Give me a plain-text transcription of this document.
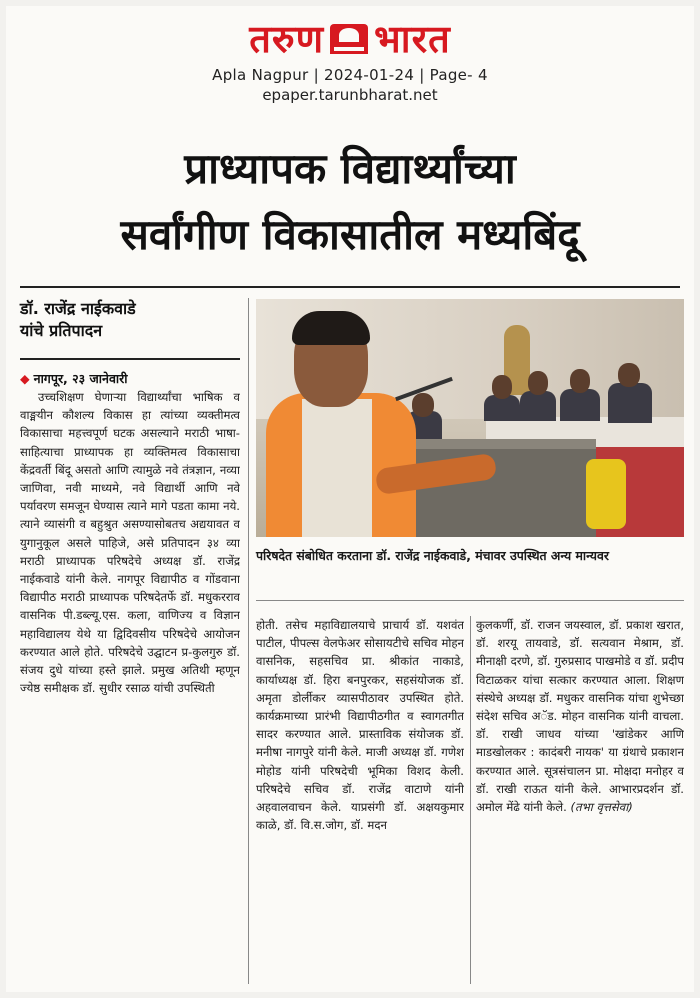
तरुण भारत
Apla Nagpur | 2024-01-24 | Page- 4
epaper.tarunbharat.net
प्राध्यापक विद्यार्थ्यांच्या
सर्वांगीण विकासातील मध्यबिंदू
डॉ. राजेंद्र नाईकवाडे
यांचे प्रतिपादन
◆ नागपूर, २३ जानेवारी

उच्चशिक्षण घेणाऱ्या विद्यार्थ्यांचा भाषिक व वाङ्मयीन कौशल्य विकास हा त्यांच्या व्यक्तीमत्व विकासाचा महत्त्वपूर्ण घटक असल्याने मराठी भाषा-साहित्याचा प्राध्यापक हा व्यक्तिमत्व विकासाचा केंद्रवर्ती बिंदू असतो आणि त्यामुळे नवे तंत्रज्ञान, नव्या जाणिवा, नवी माध्यमे, नवे विद्यार्थी आणि नवे पर्यावरण समजून घेण्यास त्याने मागे पडता कामा नये. त्याने व्यासंगी व बहुश्रुत असण्यासोबतच अद्ययावत व युगानुकूल असले पाहिजे, असे प्रतिपादन ३४ व्या मराठी प्राध्यापक परिषदेचे अध्यक्ष डॉ. राजेंद्र नाईकवाडे यांनी केले. नागपूर विद्यापीठ व गोंडवाना विद्यापीठ मराठी प्राध्यापक परिषदेतर्फे डॉ. मधुकरराव वासनिक पी.डब्ल्यू.एस. कला, वाणिज्य व विज्ञान महाविद्यालय येथे या द्विदिवसीय परिषदेचे आयोजन करण्यात आले होते. परिषदेचे उद्घाटन प्र-कुलगुरु डॉ. संजय दुधे यांच्या हस्ते झाले. प्रमुख अतिथी म्हणून ज्येष्ठ समीक्षक डॉ. सुधीर रसाळ यांची उपस्थिती

परिषदेत संबोधित करताना डॉ. राजेंद्र नाईकवाडे, मंचावर उपस्थित अन्य मान्यवर

होती. तसेच महाविद्यालयाचे प्राचार्य डॉ. यशवंत पाटील, पीपल्स वेलफेअर सोसायटीचे सचिव मोहन वासनिक, सहसचिव प्रा. श्रीकांत नाकाडे, कार्याध्यक्ष डॉ. हिरा बनपुरकर, सहसंयोजक डॉ. अमृता डोर्लीकर व्यासपीठावर उपस्थित होते. कार्यक्रमाच्या प्रारंभी विद्यापीठगीत व स्वागतगीत सादर करण्यात आले. प्रास्ताविक संयोजक डॉ. मनीषा नागपुरे यांनी केले. माजी अध्यक्ष डॉ. गणेश मोहोड यांनी परिषदेची भूमिका विशद केली. परिषदेचे सचिव डॉ. राजेंद्र वाटाणे यांनी अहवालवाचन केले. याप्रसंगी डॉ. अक्षयकुमार काळे, डॉ. वि.स.जोग, डॉ. मदन

कुलकर्णी, डॉ. राजन जयस्वाल, डॉ. प्रकाश खरात, डॉ. शरयू तायवाडे, डॉ. सत्यवान मेश्राम, डॉ. मीनाक्षी दरणे, डॉ. गुरुप्रसाद पाखमोडे व डॉ. प्रदीप विटाळकर यांचा सत्कार करण्यात आला. शिक्षण संस्थेचे अध्यक्ष डॉ. मधुकर वासनिक यांचा शुभेच्छा संदेश सचिव अॅड. मोहन वासनिक यांनी वाचला. डॉ. राखी जाधव यांच्या 'खांडेकर आणि माडखोलकर : कादंबरी नायक' या ग्रंथाचे प्रकाशन करण्यात आले. सूत्रसंचालन प्रा. मोक्षदा मनोहर व डॉ. राखी राऊत यांनी केले. आभारप्रदर्शन डॉ. अमोल मेंढे यांनी केले. (तभा वृत्तसेवा)
